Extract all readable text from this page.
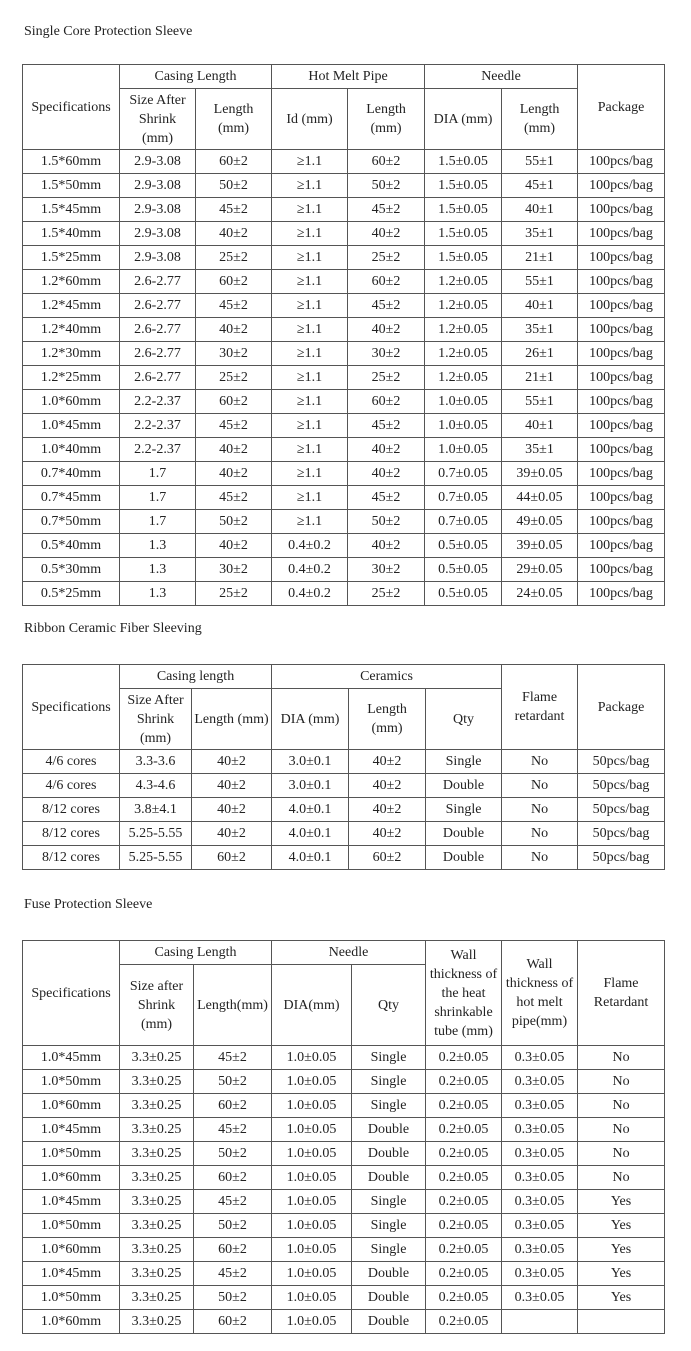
Single Core Protection Sleeve
Specifications	Casing Length		Hot Melt Pipe		Needle		Package
	Size After Shrink (mm)	Length (mm)	Id (mm)	Length (mm)	DIA (mm)	Length (mm)	
1.5*60mm	2.9-3.08	60±2	≥1.1	60±2	1.5±0.05	55±1	100pcs/bag
1.5*50mm	2.9-3.08	50±2	≥1.1	50±2	1.5±0.05	45±1	100pcs/bag
1.5*45mm	2.9-3.08	45±2	≥1.1	45±2	1.5±0.05	40±1	100pcs/bag
1.5*40mm	2.9-3.08	40±2	≥1.1	40±2	1.5±0.05	35±1	100pcs/bag
1.5*25mm	2.9-3.08	25±2	≥1.1	25±2	1.5±0.05	21±1	100pcs/bag
1.2*60mm	2.6-2.77	60±2	≥1.1	60±2	1.2±0.05	55±1	100pcs/bag
1.2*45mm	2.6-2.77	45±2	≥1.1	45±2	1.2±0.05	40±1	100pcs/bag
1.2*40mm	2.6-2.77	40±2	≥1.1	40±2	1.2±0.05	35±1	100pcs/bag
1.2*30mm	2.6-2.77	30±2	≥1.1	30±2	1.2±0.05	26±1	100pcs/bag
1.2*25mm	2.6-2.77	25±2	≥1.1	25±2	1.2±0.05	21±1	100pcs/bag
1.0*60mm	2.2-2.37	60±2	≥1.1	60±2	1.0±0.05	55±1	100pcs/bag
1.0*45mm	2.2-2.37	45±2	≥1.1	45±2	1.0±0.05	40±1	100pcs/bag
1.0*40mm	2.2-2.37	40±2	≥1.1	40±2	1.0±0.05	35±1	100pcs/bag
0.7*40mm	1.7	40±2	≥1.1	40±2	0.7±0.05	39±0.05	100pcs/bag
0.7*45mm	1.7	45±2	≥1.1	45±2	0.7±0.05	44±0.05	100pcs/bag
0.7*50mm	1.7	50±2	≥1.1	50±2	0.7±0.05	49±0.05	100pcs/bag
0.5*40mm	1.3	40±2	0.4±0.2	40±2	0.5±0.05	39±0.05	100pcs/bag
0.5*30mm	1.3	30±2	0.4±0.2	30±2	0.5±0.05	29±0.05	100pcs/bag
0.5*25mm	1.3	25±2	0.4±0.2	25±2	0.5±0.05	24±0.05	100pcs/bag
Ribbon Ceramic Fiber Sleeving
Specifications	Casing length		Ceramics			Flame retardant	Package
	Size After Shrink (mm)	Length (mm)	DIA (mm)	Length (mm)	Qty		
4/6 cores	3.3-3.6	40±2	3.0±0.1	40±2	Single	No	50pcs/bag
4/6 cores	4.3-4.6	40±2	3.0±0.1	40±2	Double	No	50pcs/bag
8/12 cores	3.8±4.1	40±2	4.0±0.1	40±2	Single	No	50pcs/bag
8/12 cores	5.25-5.55	40±2	4.0±0.1	40±2	Double	No	50pcs/bag
8/12 cores	5.25-5.55	60±2	4.0±0.1	60±2	Double	No	50pcs/bag
Fuse Protection Sleeve
Specifications	Casing Length		Needle		Wall thickness of the heat shrinkable tube (mm)	Wall thickness of hot melt pipe(mm)	Flame Retardant
	Size after Shrink (mm)	Length(mm)	DIA(mm)	Qty			
1.0*45mm	3.3±0.25	45±2	1.0±0.05	Single	0.2±0.05	0.3±0.05	No
1.0*50mm	3.3±0.25	50±2	1.0±0.05	Single	0.2±0.05	0.3±0.05	No
1.0*60mm	3.3±0.25	60±2	1.0±0.05	Single	0.2±0.05	0.3±0.05	No
1.0*45mm	3.3±0.25	45±2	1.0±0.05	Double	0.2±0.05	0.3±0.05	No
1.0*50mm	3.3±0.25	50±2	1.0±0.05	Double	0.2±0.05	0.3±0.05	No
1.0*60mm	3.3±0.25	60±2	1.0±0.05	Double	0.2±0.05	0.3±0.05	No
1.0*45mm	3.3±0.25	45±2	1.0±0.05	Single	0.2±0.05	0.3±0.05	Yes
1.0*50mm	3.3±0.25	50±2	1.0±0.05	Single	0.2±0.05	0.3±0.05	Yes
1.0*60mm	3.3±0.25	60±2	1.0±0.05	Single	0.2±0.05	0.3±0.05	Yes
1.0*45mm	3.3±0.25	45±2	1.0±0.05	Double	0.2±0.05	0.3±0.05	Yes
1.0*50mm	3.3±0.25	50±2	1.0±0.05	Double	0.2±0.05	0.3±0.05	Yes
1.0*60mm	3.3±0.25	60±2	1.0±0.05	Double	0.2±0.05		
